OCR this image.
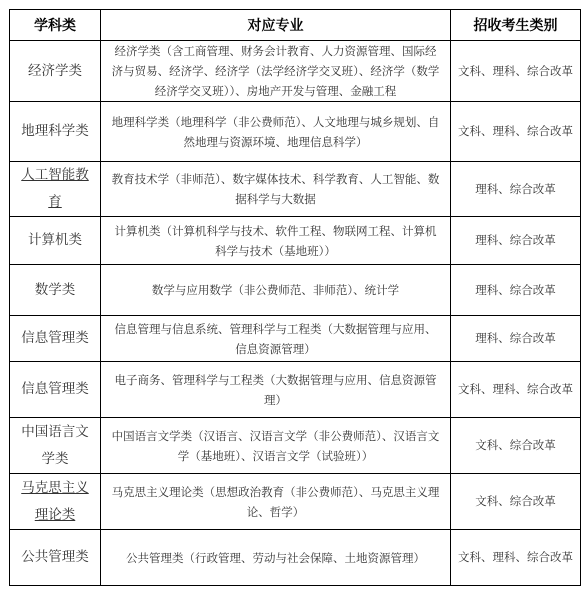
学科类	对应专业	招收考生类别
经济学类	经济学类（含工商管理、财务会计教育、人力资源管理、国际经济与贸易、经济学、经济学（法学经济学交叉班）、经济学（数学经济学交叉班））、房地产开发与管理、金融工程	文科、理科、综合改革
地理科学类	地理科学类（地理科学（非公费师范）、人文地理与城乡规划、自然地理与资源环境、地理信息科学）	文科、理科、综合改革
人工智能教育	教育技术学（非师范）、数字媒体技术、科学教育、人工智能、数据科学与大数据	理科、综合改革
计算机类	计算机类（计算机科学与技术、软件工程、物联网工程、计算机科学与技术（基地班））	理科、综合改革
数学类	数学与应用数学（非公费师范、非师范）、统计学	理科、综合改革
信息管理类	信息管理与信息系统、管理科学与工程类（大数据管理与应用、信息资源管理）	理科、综合改革
信息管理类	电子商务、管理科学与工程类（大数据管理与应用、信息资源管理）	文科、理科、综合改革
中国语言文学类	中国语言文学类（汉语言、汉语言文学（非公费师范）、汉语言文学（基地班）、汉语言文学（试验班））	文科、综合改革
马克思主义理论类	马克思主义理论类（思想政治教育（非公费师范）、马克思主义理论、哲学）	文科、综合改革
公共管理类	公共管理类（行政管理、劳动与社会保障、土地资源管理）	文科、理科、综合改革
